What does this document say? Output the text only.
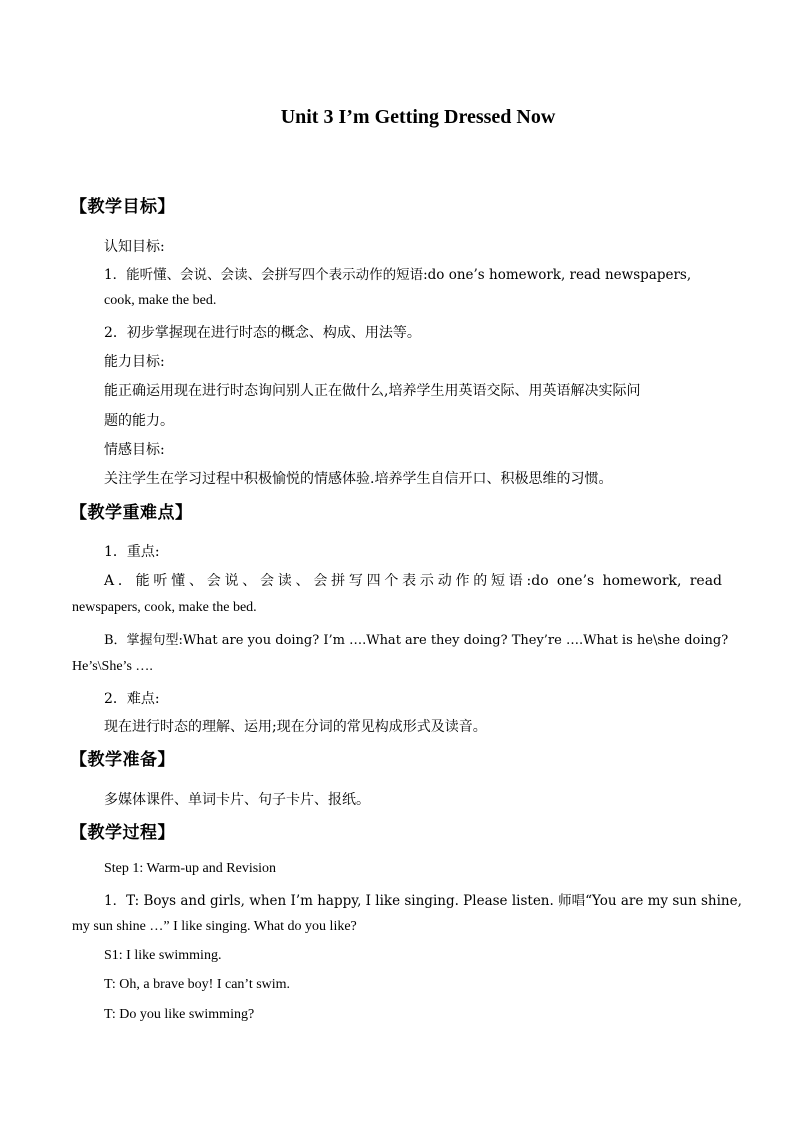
Unit 3 I’m Getting Dressed Now
【教学目标】
认知目标:
1．能听懂、会说、会读、会拼写四个表示动作的短语:do one’s homework, read newspapers,
cook, make the bed.
2．初步掌握现在进行时态的概念、构成、用法等。
能力目标:
能正确运用现在进行时态询问别人正在做什么,培养学生用英语交际、用英语解决实际问
题的能力。
情感目标:
关注学生在学习过程中积极愉悦的情感体验.培养学生自信开口、积极思维的习惯。
【教学重难点】
1．重点:
A．能听懂、会说、会读、会拼写四个表示动作的短语:do one’s homework, read
newspapers, cook, make the bed.
B．掌握句型:What are you doing? I’m ….What are they doing? They’re ….What is he\she doing?
He’s\She’s ….
2．难点:
现在进行时态的理解、运用;现在分词的常见构成形式及读音。
【教学准备】
多媒体课件、单词卡片、句子卡片、报纸。
【教学过程】
Step 1: Warm-up and Revision
1．T: Boys and girls, when I’m happy, I like singing. Please listen. 师唱“You are my sun shine,
my sun shine …” I like singing. What do you like?
S1: I like swimming.
T: Oh, a brave boy! I can’t swim.
T: Do you like swimming?
